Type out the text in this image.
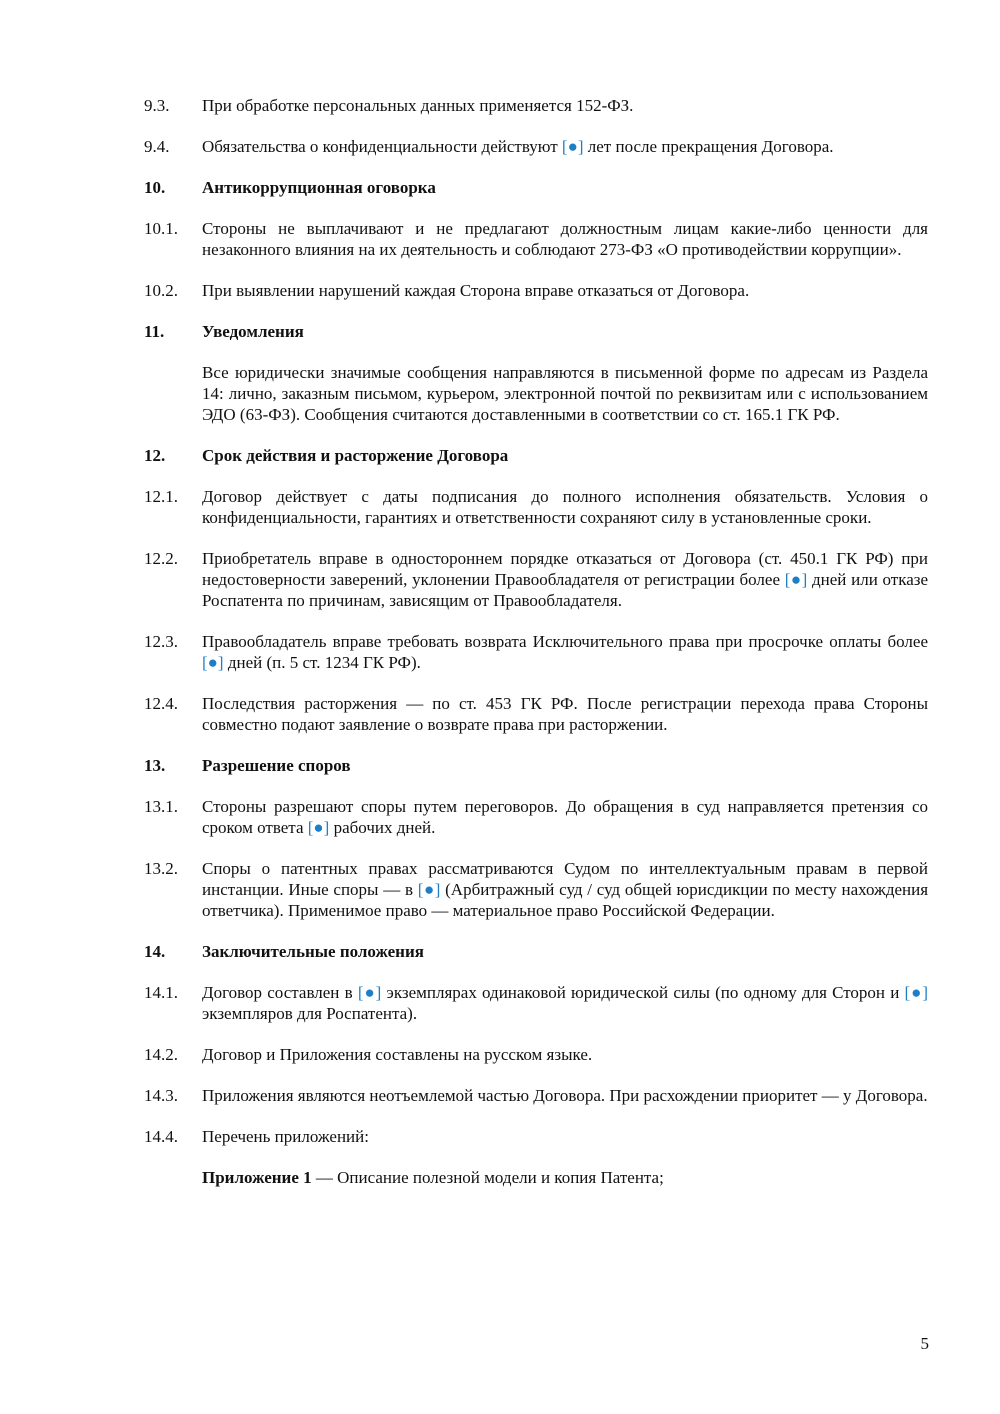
9.3.	При обработке персональных данных применяется 152-ФЗ.
9.4.	Обязательства о конфиденциальности действуют [●] лет после прекращения Договора.
10.	Антикоррупционная оговорка
10.1.	Стороны не выплачивают и не предлагают должностным лицам какие-либо ценности для незаконного влияния на их деятельность и соблюдают 273-ФЗ «О противодействии коррупции».
10.2.	При выявлении нарушений каждая Сторона вправе отказаться от Договора.
11.	Уведомления
Все юридически значимые сообщения направляются в письменной форме по адресам из Раздела 14: лично, заказным письмом, курьером, электронной почтой по реквизитам или с использованием ЭДО (63-ФЗ). Сообщения считаются доставленными в соответствии со ст. 165.1 ГК РФ.
12.	Срок действия и расторжение Договора
12.1.	Договор действует с даты подписания до полного исполнения обязательств. Условия о конфиденциальности, гарантиях и ответственности сохраняют силу в установленные сроки.
12.2.	Приобретатель вправе в одностороннем порядке отказаться от Договора (ст. 450.1 ГК РФ) при недостоверности заверений, уклонении Правообладателя от регистрации более [●] дней или отказе Роспатента по причинам, зависящим от Правообладателя.
12.3.	Правообладатель вправе требовать возврата Исключительного права при просрочке оплаты более [●] дней (п. 5 ст. 1234 ГК РФ).
12.4.	Последствия расторжения — по ст. 453 ГК РФ. После регистрации перехода права Стороны совместно подают заявление о возврате права при расторжении.
13.	Разрешение споров
13.1.	Стороны разрешают споры путем переговоров. До обращения в суд направляется претензия со сроком ответа [●] рабочих дней.
13.2.	Споры о патентных правах рассматриваются Судом по интеллектуальным правам в первой инстанции. Иные споры — в [●] (Арбитражный суд / суд общей юрисдикции по месту нахождения ответчика). Применимое право — материальное право Российской Федерации.
14.	Заключительные положения
14.1.	Договор составлен в [●] экземплярах одинаковой юридической силы (по одному для Сторон и [●] экземпляров для Роспатента).
14.2.	Договор и Приложения составлены на русском языке.
14.3.	Приложения являются неотъемлемой частью Договора. При расхождении приоритет — у Договора.
14.4.	Перечень приложений:
Приложение 1 — Описание полезной модели и копия Патента;
5
